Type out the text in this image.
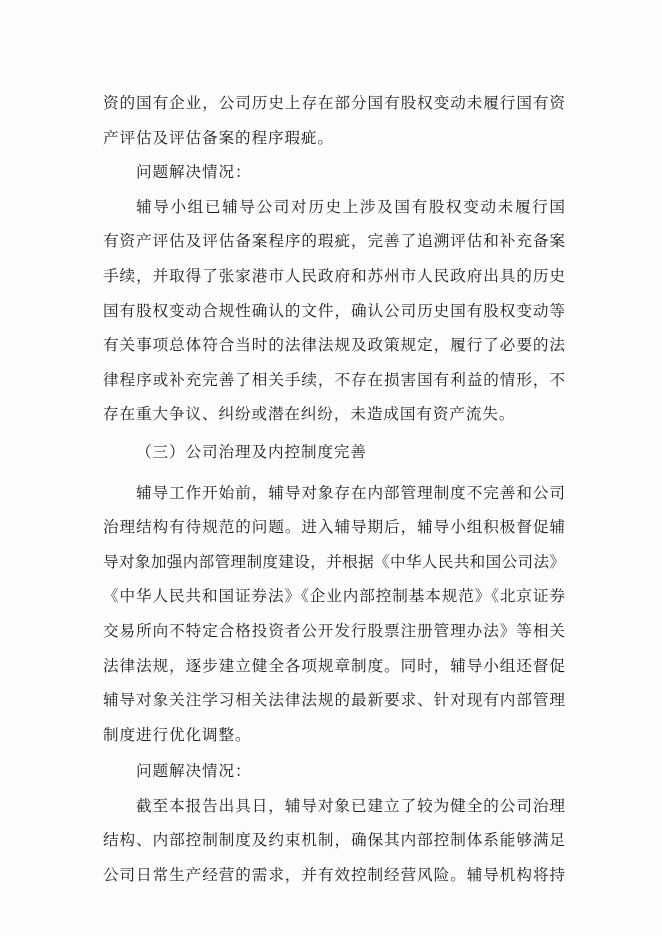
资的国有企业，公司历史上存在部分国有股权变动未履行国有资
产评估及评估备案的程序瑕疵。
问题解决情况：
辅导小组已辅导公司对历史上涉及国有股权变动未履行国
有资产评估及评估备案程序的瑕疵，完善了追溯评估和补充备案
手续，并取得了张家港市人民政府和苏州市人民政府出具的历史
国有股权变动合规性确认的文件，确认公司历史国有股权变动等
有关事项总体符合当时的法律法规及政策规定，履行了必要的法
律程序或补充完善了相关手续，不存在损害国有利益的情形，不
存在重大争议、纠纷或潜在纠纷，未造成国有资产流失。
（三）公司治理及内控制度完善
辅导工作开始前，辅导对象存在内部管理制度不完善和公司
治理结构有待规范的问题。进入辅导期后，辅导小组积极督促辅
导对象加强内部管理制度建设，并根据《中华人民共和国公司法》
《中华人民共和国证券法》《企业内部控制基本规范》《北京证券
交易所向不特定合格投资者公开发行股票注册管理办法》等相关
法律法规，逐步建立健全各项规章制度。同时，辅导小组还督促
辅导对象关注学习相关法律法规的最新要求、针对现有内部管理
制度进行优化调整。
问题解决情况：
截至本报告出具日，辅导对象已建立了较为健全的公司治理
结构、内部控制制度及约束机制，确保其内部控制体系能够满足
公司日常生产经营的需求，并有效控制经营风险。辅导机构将持
